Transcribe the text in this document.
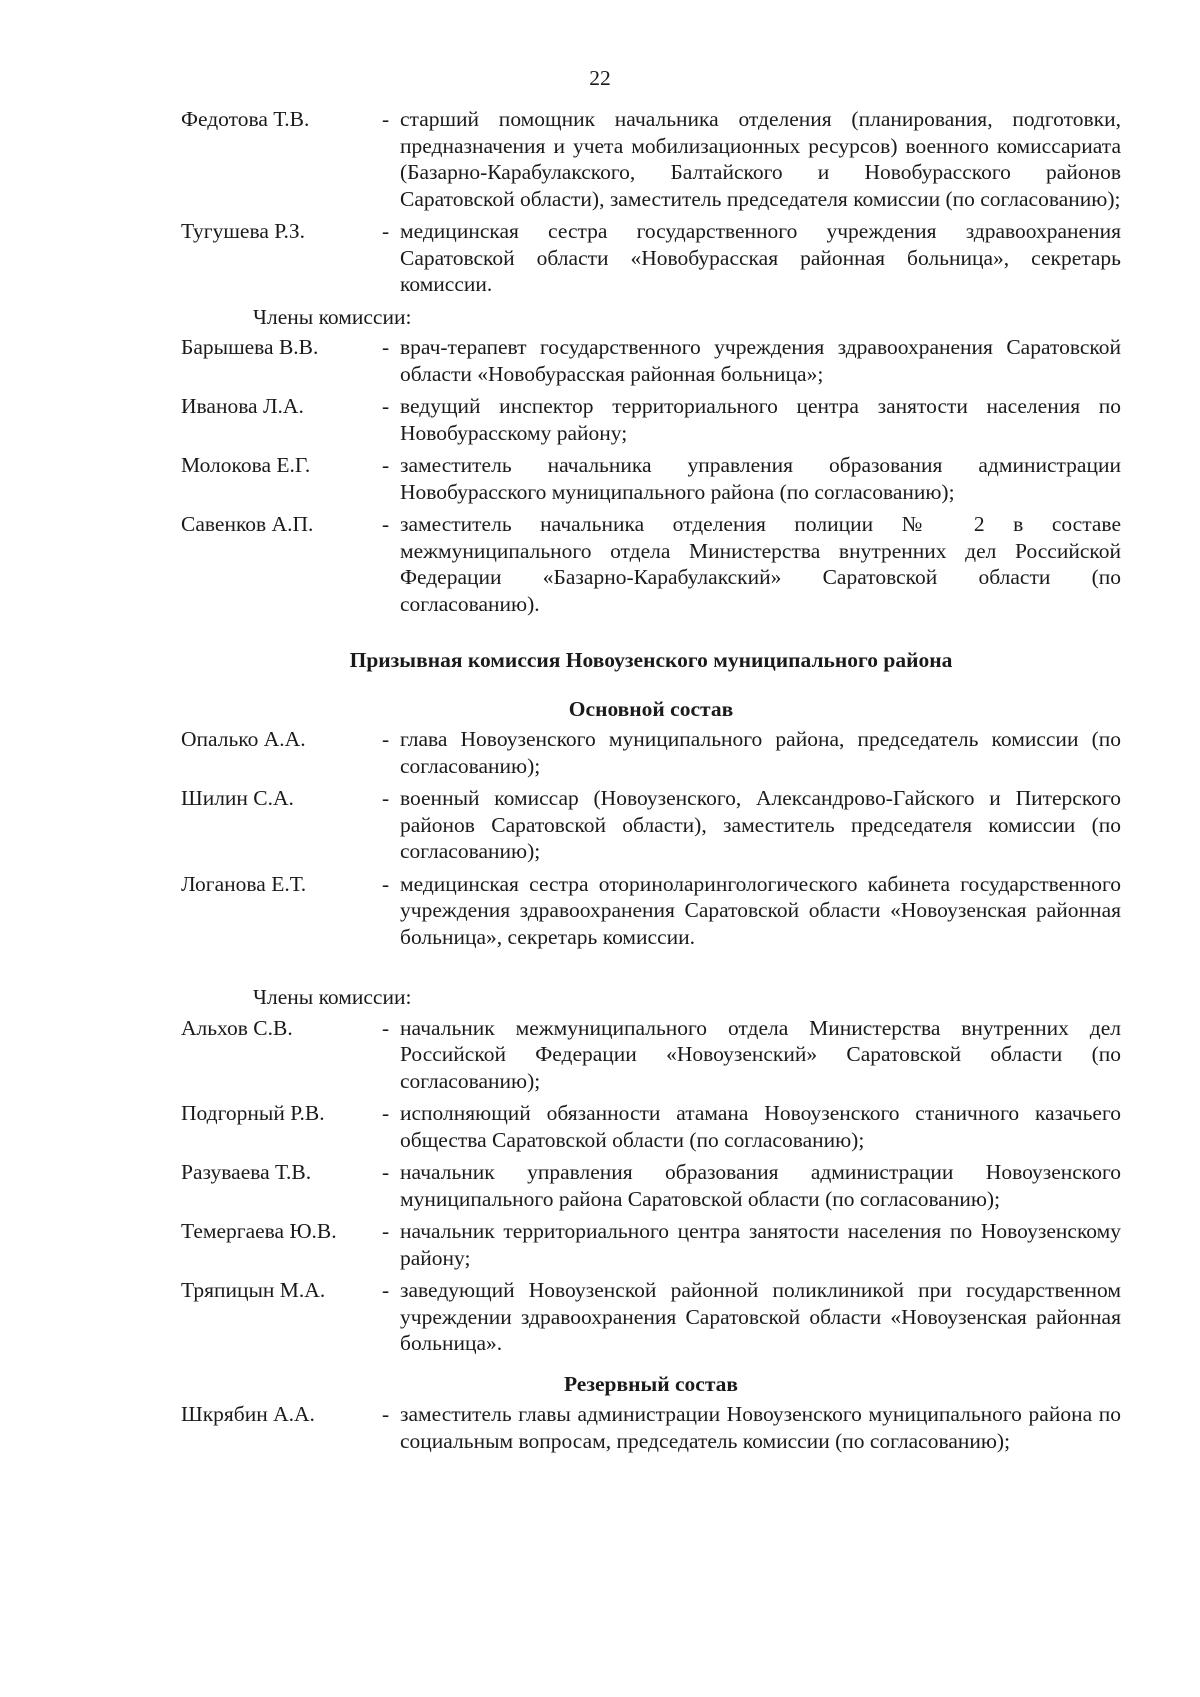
22
Федотова Т.В.	- старший помощник начальника отделения (планирования, подготовки, предназначения и учета мобилизационных ресурсов) военного комиссариата (Базарно-Карабулакского, Балтайского и Новобурасского районов Саратовской области), заместитель председателя комиссии (по согласованию);
Тугушева Р.З.	- медицинская сестра государственного учреждения здравоохранения Саратовской области «Новобурасская районная больница», секретарь комиссии.
Члены комиссии:
Барышева В.В.	- врач-терапевт государственного учреждения здравоохранения Саратовской области «Новобурасская районная больница»;
Иванова Л.А.	- ведущий инспектор территориального центра занятости населения по Новобурасскому району;
Молокова Е.Г.	- заместитель начальника управления образования администрации Новобурасского муниципального района (по согласованию);
Савенков А.П.	- заместитель начальника отделения полиции № 2 в составе межмуниципального отдела Министерства внутренних дел Российской Федерации «Базарно-Карабулакский» Саратовской области (по согласованию).
Призывная комиссия Новоузенского муниципального района
Основной состав
Опалько А.А.	- глава Новоузенского муниципального района, председатель комиссии (по согласованию);
Шилин С.А.	- военный комиссар (Новоузенского, Александрово-Гайского и Питерского районов Саратовской области), заместитель председателя комиссии (по согласованию);
Логанова Е.Т.	- медицинская сестра оториноларингологического кабинета государственного учреждения здравоохранения Саратовской области «Новоузенская районная больница», секретарь комиссии.
Члены комиссии:
Альхов С.В.	- начальник межмуниципального отдела Министерства внутренних дел Российской Федерации «Новоузенский» Саратовской области (по согласованию);
Подгорный Р.В.	- исполняющий обязанности атамана Новоузенского станичного казачьего общества Саратовской области (по согласованию);
Разуваева Т.В.	- начальник управления образования администрации Новоузенского муниципального района Саратовской области (по согласованию);
Темергаева Ю.В.	- начальник территориального центра занятости населения по Новоузенскому району;
Тряпицын М.А.	- заведующий Новоузенской районной поликлиникой при государственном учреждении здравоохранения Саратовской области «Новоузенская районная больница».
Резервный состав
Шкрябин А.А.	- заместитель главы администрации Новоузенского муниципального района по социальным вопросам, председатель комиссии (по согласованию);
